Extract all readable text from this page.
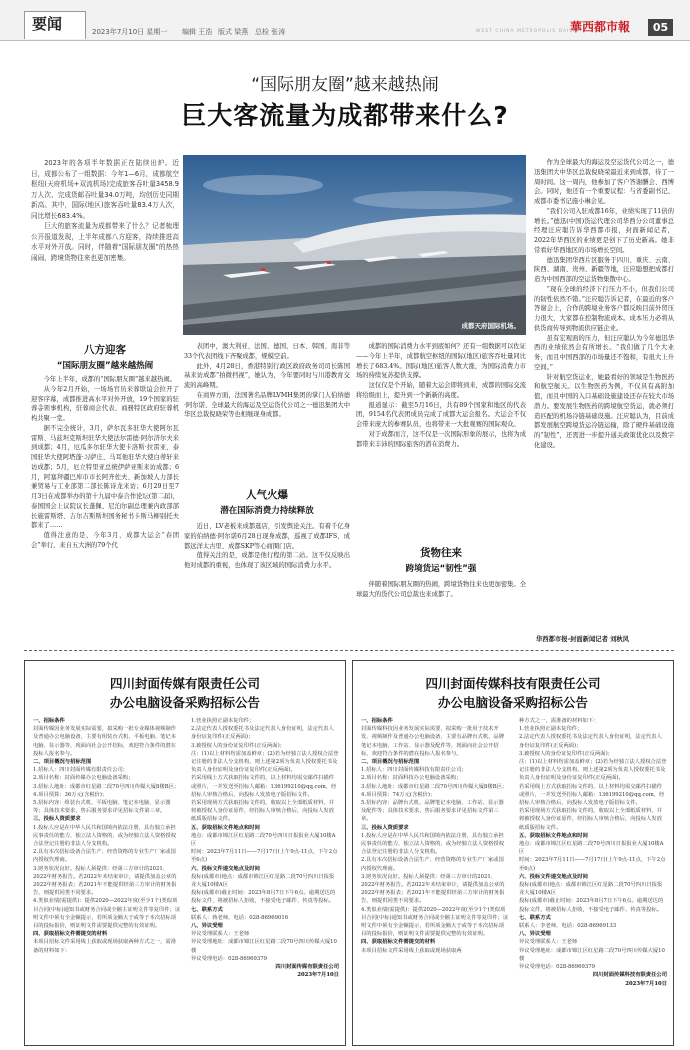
要闻	2023年7月10日 星期一 编辑 王浩 版式 梁燕 总检 张涛	WEST CHINA METROPOLIS DAILY
華西都市報	05
“国际朋友圈”越来越热闹
巨大客流量为成都带来什么?

2023年的各项半年数据正在陆续出炉。近日，成都公布了一组数据：今年1—6月，成都航空枢纽(天府机场+双流机场)完成旅客吞吐量3458.9万人次、完成货邮吞吐量34.0万吨，均创历史同期新高。其中，国际(地区)旅客吞吐量83.4万人次，同比增长683.4%。

巨大的旅客流量为成都带来了什么？记者梳理公开报道发现，上半年成都八方迎客，持续推进高水平对外开放。同时，伴随着“国际朋友圈”的热热闹闹，跨境货物往来也更加密集。

成都天府国际机场。
八方迎客
“国际朋友圈”越来越热闹

今年上半年，成都的“国际朋友圈”越来越热闹。

从今年2月开始，一场场官员来蓉联谊会拉开了迎客序幕，成都推进高水平对外开放，19个国家的驻蓉총领事机构，驻蓉商会代表、商務特区政府驻蓉机构共聚一堂。

据不完全统计，3月，萨尔瓦多驻华大使阿尔瓦雷斯、马兹坦克斯坦驻华大使法尔雷德·阿尔济尔夫来到成都；4月，厄瓜多尔驻华大使卡洛斯·拉雷亚、泰国驻华大使阿塔蓬·习萨庄、马耳他驻华大使白蒂轩来访成都；5月，厄立特里亚总统伊萨亚斯来访成都；6月，阿塞拜疆巴库市市长阿齐佐夫、新加坡人力部长兼贸易与工业部第二部长陈诗龙来访；6月29日至7月3日在成都举办的第十九届中泰合作论坛(第二届)，泰国国会上议院议长蓬佩、尼泊尔副总理兼内政部部长施雷斯塔、吉尔吉斯斯坦国务秘书卡斯马柳别托夫都来了……

值得注意的是，今年3月，成都大运会“春团会”举行，来自五大洲的79个代

表团中，澳大利亚、法国、德国、日本、韩国、南非等33个代表团线下齐聚成都，规模空前。

此外，4月28日，香港特别行政区政府政务司司长陈国基来访成都“拍微档视”，她认为，今年要同时与川港教育交流的高峰期。

在商界方面，法国著名品牌LVMH集团的掌门人伯纳德·阿尔诺、全球最大的海运及空运货代公司之一德迅集团大中华区总裁倪晓荣等也相继现身成都。

人气火爆
潜在国际消费力持续释放

近日，LV老板来成都逛店，引发舆论关注。有着千亿身家的伯纳德·阿尔诺6月28日现身成都，巡视了成都IFS、成都远洋太古里、成都SKP等心商圈门店。

值得关注的是，成都是他行程的第二站。这不仅反映出他对成都的重视，也体现了该区域的国际消费力水平。

成都的国际消费力水平到底如何？还有一组数据可以佐证——今年上半年，成都航空枢纽的国际(地区)旅客吞吐量同比增长了683.4%。国际(地区)旅客人数大涨，为国际消费力市场的持续复苏提供支撑。

这仅仅是个开始，随着大运会即将到来，成都的国际交流将给级而上，提升到一个新新的高度。

报道显示：截至5月16日，共有89个国家和地区的代表团，9154名代表团成员完成了成都大运会报名。大运会不仅会带来庞大的参赛队员，也将带来一大批观赛的国际观众。

对于成都而言，这不仅是一次国际形象的展示，也将为成都带来丰沛的国际旅客的潜在消费力。

货物往来
跨境货运“韧性”强

伴随着国际朋友圈的热闹，跨境货物往来也更加密集。全球最大的货代公司总裁也来成都了。

作为全球最大的海运及空运货代公司之一，德迅集团大中华区总裁倪晓荣最近来到成都，待了一周时间。这一周内，他参加了客户答谢酬会、西博会。同时，他还有一个重要议程：与省委副书记、成都市委书记施小琳会见。

“我们公司入驻成都16年，业绩实现了11倍的增长。”德迅(中国)货运代理公司华西分公司董事总经理汪应聪告诉华西都市报，封面新闻记者，2022年华西区的业绩更是创下了历史新高。她非常看好华西地区的市场增长空间。

德迅集团华西片区服务于四川、重庆、云南、陕西、湖南、贵州、新疆等地，汪应聪想把成都打造为中国西部的空运货物集散中心。

“现在全球的经济下行压力不小，但我们公司的韧性依然不错。”汪应聪告诉记者，在最近的客户答谢会上，合作的跨境业务客户都反映目前外贸压力很大，大家都在控制物流成本。成本压力必将从供货商传导到物流供应链企业。

虽有宏观面的压力，但汪应聪认为今年德迅华西的业绩依然会有所增长。“我们做了几个大业务，而且中国西部的市场量还不饱和，有很大上升空间。”

针对航空货运业，她最看好的领域是生物医药和航空航天。以生物医药为例，不仅具有高附加值，而且中国的入口基础设施建设还存在较大市场潜力。要发展生物医药的跨境航空货运，就必须打造匹配的机场冷链基础设施。汪应聪认为，目前成都发展航空跨境货运冷链运输，除了硬件基础设施的“韧性”，还需进一步提升通关政策优化以及数字化建设。

华西都市报-封面新闻记者 刘秋风
四川封面传媒有限责任公司
办公电脑设备采购招标公告
一、招标条件
封面传媒因业务发展实际需要，拟采购一批专业媒体视频制作及普通办公电脑设备，主要有组装台式机、平板电脑、笔记本电脑、显示器等，现面向社会公开招标，欢迎符合条件的潜在投标人报名参与。
二、项目概况与招标范围
1.招标人：四川封面传媒有限责任公司；
2.项目名称：封面传媒办公电脑设备采购；
3.招标人地址：成都市红星路二段70号四川传媒大厦8楼B区；
4.项目预算：36万元(含税价)；
5.招标内容：组装台式机、平板电脑、笔记本电脑、显示器等；具体技术要求，售后服务要求详见招标文件第三章。
三、投标人资质要求
1.投标人应是在中华人民共和国境内依法注册，具有独立承担民事责任的能力，独立法人资格的，或为经独立法人资格授权合法登记注册的非法人分支机构。
2.具有本次招标设备合法生产、经营资格的专业生产厂家或国内授权代理商。
3.财务状况良好。投标人须提供：经第三方审计的2021、2022年财务报告。若2022年未结束审计，请提供加盖公章的2022年财务报表；若2021年不能提供经第三方审计的财务报告，则提供同类不同要求。
4.类似业绩(需提供)：提供2020—2022年度(至少1个)类似项目合同(中标)通知书或财务合同或全额主证明文件等复印件；证明文件中须有全金额提示，若所项金额大于或等于本次招标项目的投标报价，则证明文件需要提供完整的有效证明。
四、获取招标文件需提交的材料
本项目招标文件采用线上获取或现场获取两种方式之一，需准备的材料如下：
1.营业执照正副本复印件；
2.法定代表人授权委托书及法定代表人身份证明，法定代表人身份证复印件(正反两面)；
3.被授权人的身份证复印件(正反两面)；
注：(1)以上材料均需加盖鲜章；(2)若为经独立法人授权合法登记注册的非法人分支机构，则上述第2项为负责人授权委托书及负责人身份证明及身份证复印件(正反两面)。
若采用线上方式获取招标文件的，以上材料均需交邮件扫描件或照片，一并发送至招标人邮箱：136199210@qq.com，经招标人审核合格后，向投标人发放电子版招标文件。
若采用现场方式获取招标文件的，收取以上全部纸质材料，并将被授权人身份证原件，经招标人审核合格后，向投标人发放纸质版招标文件。
五、获取招标文件地点和时间
地点：成都市锦江区红星路二段70号四川日报报业大厦10楼A区
时间：2023年7月11日——7月17日(上午9点-11点，下午2点至6点)
六、投标文件递交地点及时间
投标(成都市)地点：成都市锦江区红星路二段70号四川日报报业大厦10楼A区
投标(成都市)截止时间：2023年8月7日下午6点。逾期送达的投标文件，将被招标人拒收，不接受电子邮件、传真等投标。
七、联系方式
联系人：蒋老师，电话：028-86969016
八、异议受理
异议受理联系人：王老师
异议受理地址：成都市锦江区红星路二段70号四川传媒大厦10楼
异议受理电话：028-86969379
四川封面传媒有限责任公司
2023年7月10日
四川封面传媒科技有限责任公司
办公电脑设备采购招标公告
一、招标条件
封面传媒科技因业务发展实际需要，拟采购一批用于技术开发、视频制作及普通办公电脑设备，主要有品牌台式机、品牌笔记本电脑、工作站、显示器及配件等，现面向社会公开招标，欢迎符合条件的潜在投标人报名参与。
二、项目概况与招标范围
1.招标人：四川封面传媒科技有限责任公司；
2.项目名称：封面科技办公电脑设备采购；
3.招标人地址：成都市红星路二段70号四川传媒大厦8楼B区；
4.项目预算：74万元(含税价)；
5.招标内容：品牌台式机、品牌笔记本电脑、工作站、显示器及配件等；具体技术要求，售后服务要求详见招标文件第三章。
三、投标人资质要求
1.投标人应是在中华人民共和国境内依法注册，具有独立承担民事责任的能力，独立法人资格的，或为经独立法人资格授权合法登记注册的非法人分支机构。
2.具有本次招标设备合法生产、经营资格的专业生产厂家或国内授权代理商。
3.财务状况良好。投标人须提供：经第三方审计的2021、2022年财务报告。若2022年未结束审计，请提供加盖公章的2022年财务报表；若2021年不能提供经第三方审计的财务报告，则提供同类不同要求。
4.类似业绩(需提供)：提供2020—2022年度(至少1个)类似项目合同(中标)通知书或财务合同或全额主证明文件等复印件；证明文件中须有全金额提示，若所项金额大于或等于本次招标项目的投标报价，则证明文件需要提供完整的有效证明。
四、获取招标文件需提交的材料
本项目招标文件采用线上获取或现场获取两
种方式之一，需准备的材料如下：
1.营业执照正副本复印件；
2.法定代表人授权委托书及法定代表人身份证明，法定代表人身份证复印件(正反两面)；
3.被授权人的身份证复印件(正反两面)；
注：(1)以上材料均需加盖鲜章；(2)若为经独立法人授权合法登记注册的非法人分支机构，则上述第2项为负责人授权委托书及负责人身份证明及身份证复印件(正反两面)。
若采用线上方式获取招标文件的，以上材料均需交邮件扫描件或照片，一并发送至招标人邮箱：136199210@qq.com，经招标人审核合格后，向投标人发放电子版招标文件。
若采用现场方式获取招标文件的，收取以上全部纸质材料，并将被授权人身份证原件，经招标人审核合格后，向投标人发放纸质版招标文件。
五、获取招标文件地点和时间
地点：成都市锦江区红星路二段70号四川日报报业大厦10楼A区
时间：2023年7月11日——7月17日(上午9点-11点，下午2点至6点)
六、投标文件递交地点及时间
投标(成都市)地点：成都市锦江区红星路二段70号四川日报报业大厦10楼A区
投标(成都市)截止时间：2023年8月7日下午6点。逾期送达的投标文件，将被招标人拒收，不接受电子邮件、传真等投标。
七、联系方式
联系人：李老师，电话：028-86969133
八、异议受理
异议受理联系人：王老师
异议受理地址：成都市锦江区红星路二段70号四川传媒大厦10楼
异议受理电话：028-86969379
四川封面传媒科技有限责任公司
2023年7月10日
